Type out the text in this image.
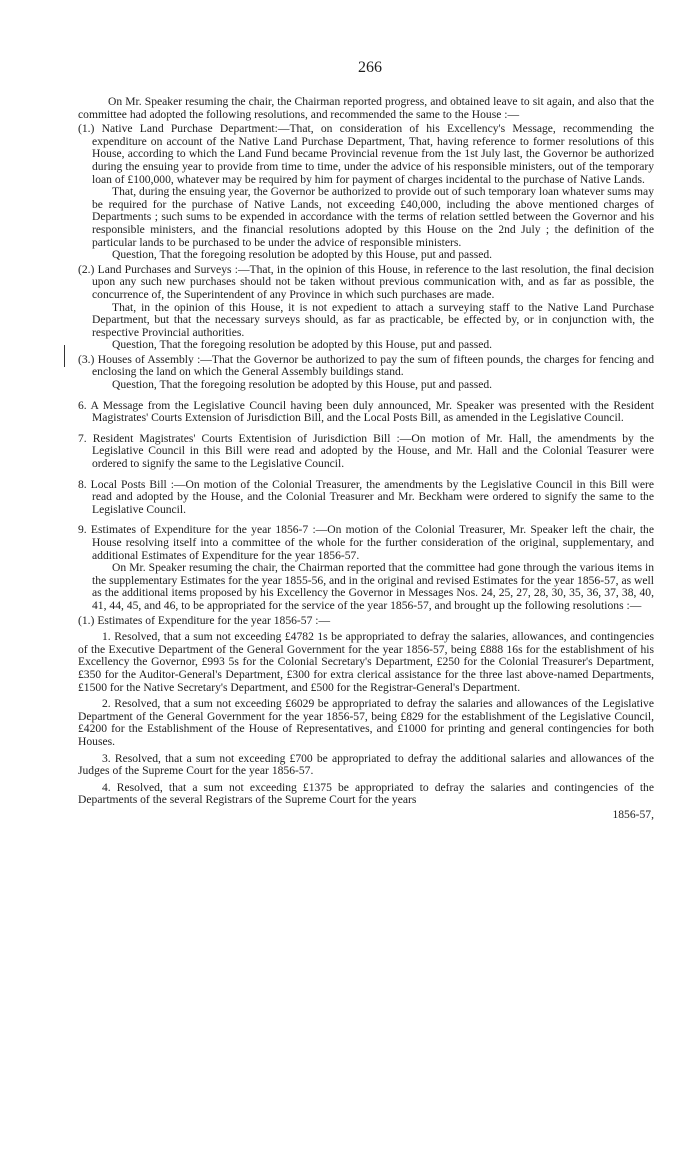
266

On Mr. Speaker resuming the chair, the Chairman reported progress, and obtained leave to sit again, and also that the committee had adopted the following resolutions, and recommended the same to the House :—

(1.) Native Land Purchase Department:—That, on consideration of his Excellency's Message, recommending the expenditure on account of the Native Land Purchase Department, That, having reference to former resolutions of this House, according to which the Land Fund became Provincial revenue from the 1st July last, the Governor be authorized during the ensuing year to provide from time to time, under the advice of his responsible ministers, out of the temporary loan of £100,000, whatever may be required by him for payment of charges incidental to the purchase of Native Lands.

That, during the ensuing year, the Governor be authorized to provide out of such temporary loan whatever sums may be required for the purchase of Native Lands, not exceeding £40,000, including the above mentioned charges of Departments ; such sums to be expended in accordance with the terms of relation settled between the Governor and his responsible ministers, and the financial resolutions adopted by this House on the 2nd July ; the definition of the particular lands to be purchased to be under the advice of responsible ministers.

Question, That the foregoing resolution be adopted by this House, put and passed.

(2.) Land Purchases and Surveys :—That, in the opinion of this House, in reference to the last resolution, the final decision upon any such new purchases should not be taken without previous communication with, and as far as possible, the concurrence of, the Superintendent of any Province in which such purchases are made.

That, in the opinion of this House, it is not expedient to attach a surveying staff to the Native Land Purchase Department, but that the necessary surveys should, as far as practicable, be effected by, or in conjunction with, the respective Provincial authorities.

Question, That the foregoing resolution be adopted by this House, put and passed.

(3.) Houses of Assembly :—That the Governor be authorized to pay the sum of fifteen pounds, the charges for fencing and enclosing the land on which the General Assembly buildings stand.

Question, That the foregoing resolution be adopted by this House, put and passed.

6. A Message from the Legislative Council having been duly announced, Mr. Speaker was presented with the Resident Magistrates' Courts Extension of Jurisdiction Bill, and the Local Posts Bill, as amended in the Legislative Council.

7. Resident Magistrates' Courts Extentision of Jurisdiction Bill :—On motion of Mr. Hall, the amendments by the Legislative Council in this Bill were read and adopted by the House, and Mr. Hall and the Colonial Teasurer were ordered to signify the same to the Legislative Council.

8. Local Posts Bill :—On motion of the Colonial Treasurer, the amendments by the Legislative Council in this Bill were read and adopted by the House, and the Colonial Treasurer and Mr. Beckham were ordered to signify the same to the Legislative Council.

9. Estimates of Expenditure for the year 1856-7 :—On motion of the Colonial Treasurer, Mr. Speaker left the chair, the House resolving itself into a committee of the whole for the further consideration of the original, supplementary, and additional Estimates of Expenditure for the year 1856-57.

On Mr. Speaker resuming the chair, the Chairman reported that the committee had gone through the various items in the supplementary Estimates for the year 1855-56, and in the original and revised Estimates for the year 1856-57, as well as the additional items proposed by his Excellency the Governor in Messages Nos. 24, 25, 27, 28, 30, 35, 36, 37, 38, 40, 41, 44, 45, and 46, to be appropriated for the service of the year 1856-57, and brought up the following resolutions :—

(1.) Estimates of Expenditure for the year 1856-57 :—

1. Resolved, that a sum not exceeding £4782 1s be appropriated to defray the salaries, allowances, and contingencies of the Executive Department of the General Government for the year 1856-57, being £888 16s for the establishment of his Excellency the Governor, £993 5s for the Colonial Secretary's Department, £250 for the Colonial Treasurer's Department, £350 for the Auditor-General's Department, £300 for extra clerical assistance for the three last above-named Departments, £1500 for the Native Secretary's Department, and £500 for the Registrar-General's Department.

2. Resolved, that a sum not exceeding £6029 be appropriated to defray the salaries and allowances of the Legislative Department of the General Government for the year 1856-57, being £829 for the establishment of the Legislative Council, £4200 for the Establishment of the House of Representatives, and £1000 for printing and general contingencies for both Houses.

3. Resolved, that a sum not exceeding £700 be appropriated to defray the additional salaries and allowances of the Judges of the Supreme Court for the year 1856-57.

4. Resolved, that a sum not exceeding £1375 be appropriated to defray the salaries and contingencies of the Departments of the several Registrars of the Supreme Court for the years

1856-57,
